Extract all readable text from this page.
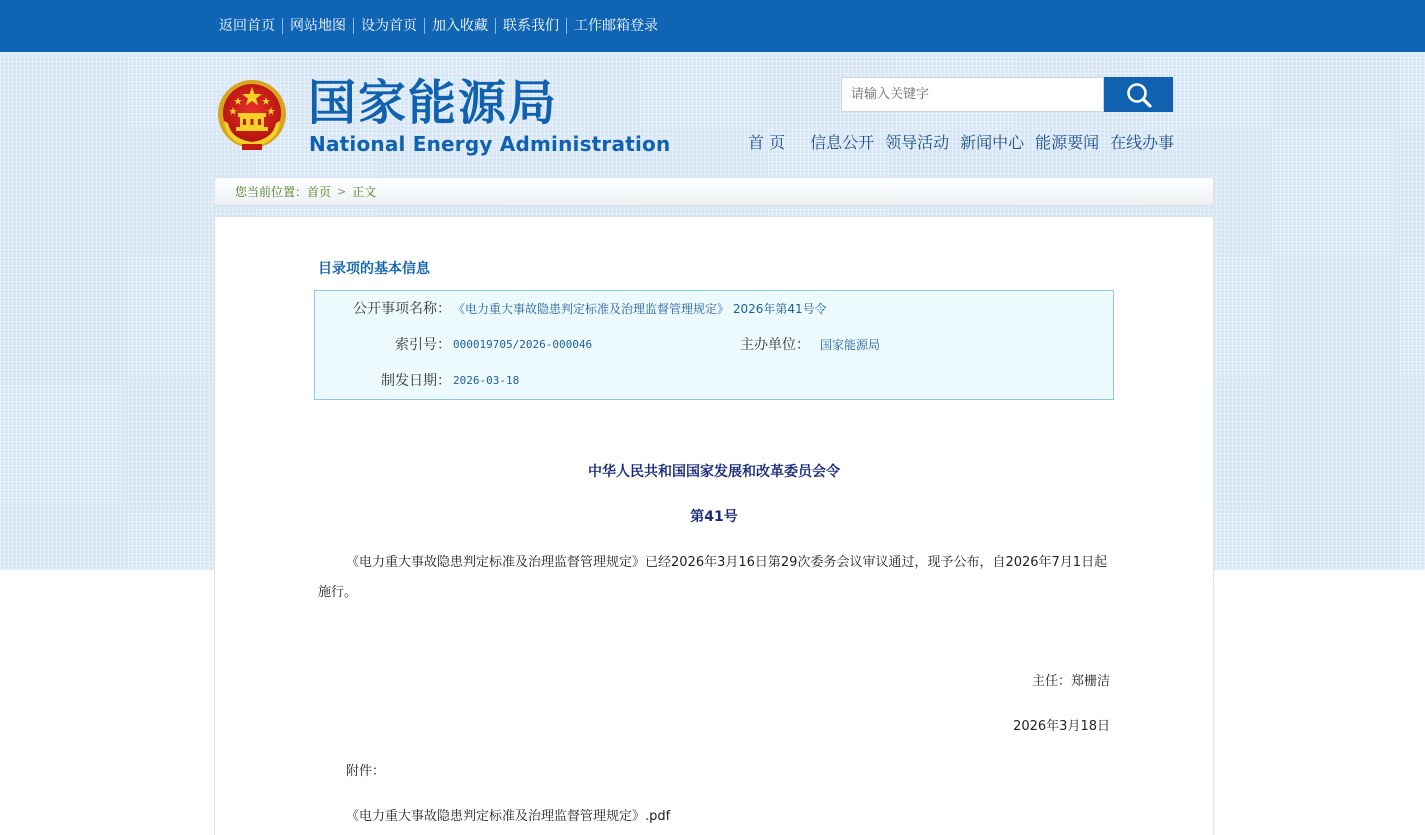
返回首页	网站地图	设为首页	加入收藏	联系我们	工作邮箱登录
国家能源局
National Energy Administration
请输入关键字	首 页 信息公开 领导活动 新闻中心 能源要闻 在线办事
您当前位置： 首页 > 正文
目录项的基本信息
公开事项名称： 《电力重大事故隐患判定标准及治理监督管理规定》 2026年第41号令
索引号： 000019705/2026-000046	主办单位： 国家能源局
制发日期： 2026-03-18
中华人民共和国国家发展和改革委员会令
第41号
《电力重大事故隐患判定标准及治理监督管理规定》已经2026年3月16日第29次委务会议审议通过，现予公布，自2026年7月1日起施行。
主任：郑栅洁
2026年3月18日
附件：
《电力重大事故隐患判定标准及治理监督管理规定》.pdf
